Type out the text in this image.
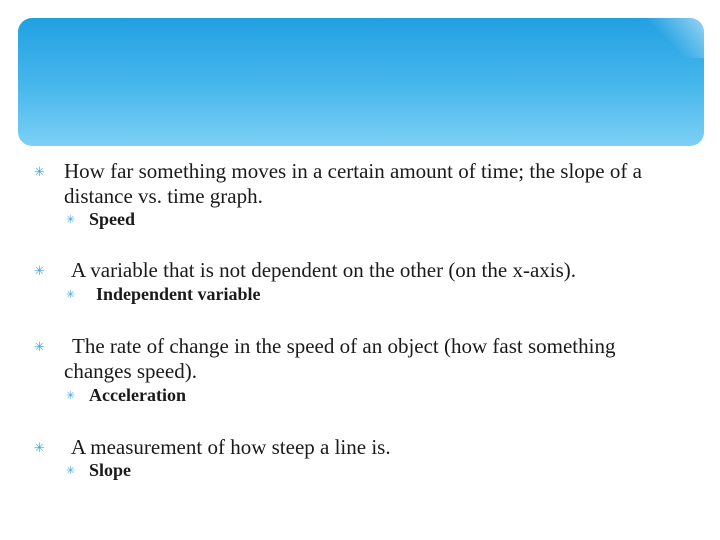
✳ How far something moves in a certain amount of time; the slope of a distance vs. time graph.
✳ Speed
✳ A variable that is not dependent on the other (on the x-axis).
✳ Independent variable
✳	The rate of change in the speed of an object (how fast something changes speed).
✳ Acceleration
✳ A measurement of how steep a line is.
✳ Slope
